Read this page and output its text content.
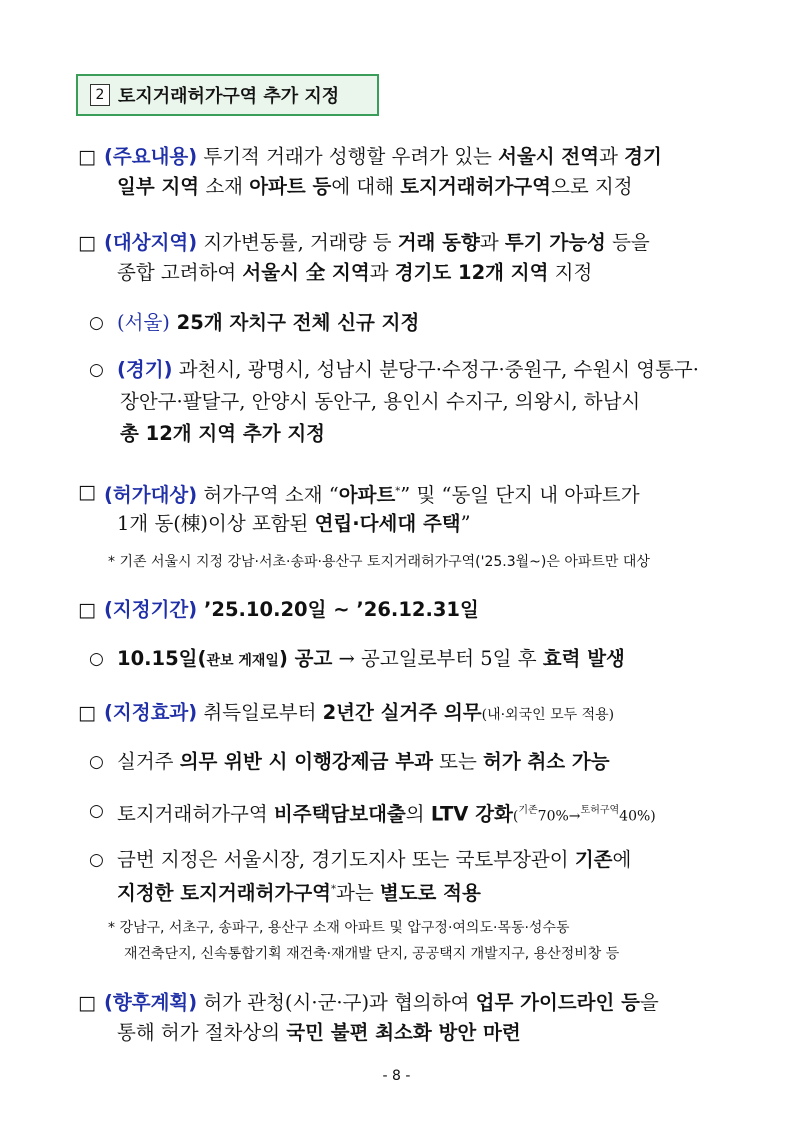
2 토지거래허가구역 추가 지정
□ (주요내용) 투기적 거래가 성행할 우려가 있는 서울시 전역과 경기
일부 지역 소재 아파트 등에 대해 토지거래허가구역으로 지정
□ (대상지역) 지가변동률, 거래량 등 거래 동향과 투기 가능성 등을
종합 고려하여 서울시 全 지역과 경기도 12개 지역 지정
○ (서울) 25개 자치구 전체 신규 지정
○ (경기) 과천시, 광명시, 성남시 분당구·수정구·중원구, 수원시 영통구·
장안구·팔달구, 안양시 동안구, 용인시 수지구, 의왕시, 하남시
총 12개 지역 추가 지정
□ (허가대상) 허가구역 소재 “아파트*” 및 “동일 단지 내 아파트가
1개 동(棟)이상 포함된 연립·다세대 주택”
* 기존 서울시 지정 강남·서초·송파·용산구 토지거래허가구역('25.3월~)은 아파트만 대상
□ (지정기간) ’25.10.20일 ~ ’26.12.31일
○ 10.15일(관보 게재일) 공고 → 공고일로부터 5일 후 효력 발생
□ (지정효과) 취득일로부터 2년간 실거주 의무(내·외국인 모두 적용)
○ 실거주 의무 위반 시 이행강제금 부과 또는 허가 취소 가능
○ 토지거래허가구역 비주택담보대출의 LTV 강화($^{기존}$70%→$^{토허구역}$40%)
○ 금번 지정은 서울시장, 경기도지사 또는 국토부장관이 기존에
지정한 토지거래허가구역*과는 별도로 적용
* 강남구, 서초구, 송파구, 용산구 소재 아파트 및 압구정·여의도·목동·성수동
재건축단지, 신속통합기획 재건축·재개발 단지, 공공택지 개발지구, 용산정비창 등
□ (향후계획) 허가 관청(시·군·구)과 협의하여 업무 가이드라인 등을
통해 허가 절차상의 국민 불편 최소화 방안 마련
- 8 -
